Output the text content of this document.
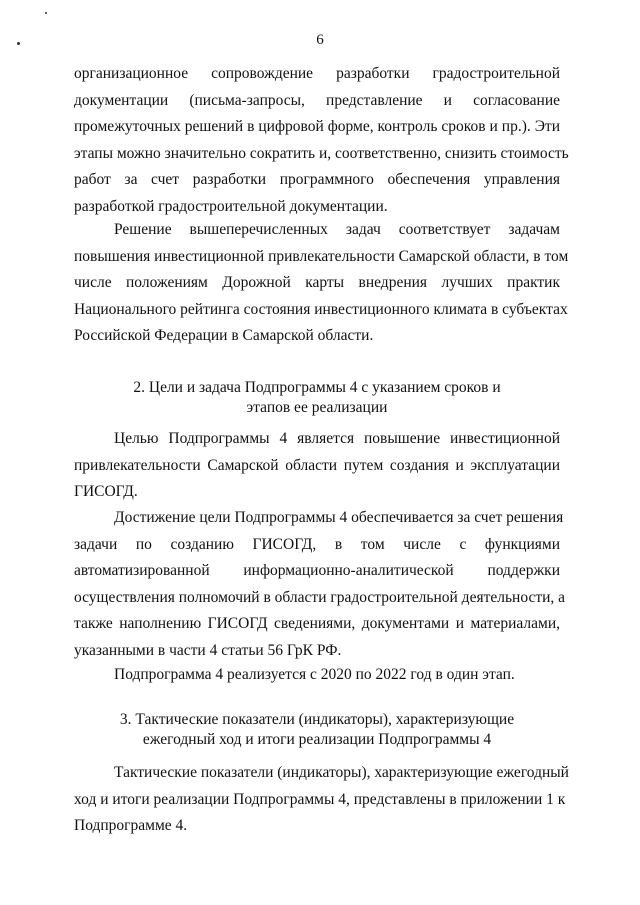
6
организационное сопровождение разработки градостроительной
документации (письма-запросы, представление и согласование
промежуточных решений в цифровой форме, контроль сроков и пр.). Эти
этапы можно значительно сократить и, соответственно, снизить стоимость
работ за счет разработки программного обеспечения управления
разработкой градостроительной документации.
Решение вышеперечисленных задач соответствует задачам
повышения инвестиционной привлекательности Самарской области, в том
числе положениям Дорожной карты внедрения лучших практик
Национального рейтинга состояния инвестиционного климата в субъектах
Российской Федерации в Самарской области.
2. Цели и задача Подпрограммы 4 с указанием сроков и
этапов ее реализации
Целью Подпрограммы 4 является повышение инвестиционной
привлекательности Самарской области путем создания и эксплуатации
ГИСОГД.
Достижение цели Подпрограммы 4 обеспечивается за счет решения
задачи по созданию ГИСОГД, в том числе с функциями
автоматизированной информационно-аналитической поддержки
осуществления полномочий в области градостроительной деятельности, а
также наполнению ГИСОГД сведениями, документами и материалами,
указанными в части 4 статьи 56 ГрК РФ.
Подпрограмма 4 реализуется с 2020 по 2022 год в один этап.
3. Тактические показатели (индикаторы), характеризующие
ежегодный ход и итоги реализации Подпрограммы 4
Тактические показатели (индикаторы), характеризующие ежегодный
ход и итоги реализации Подпрограммы 4, представлены в приложении 1 к
Подпрограмме 4.
